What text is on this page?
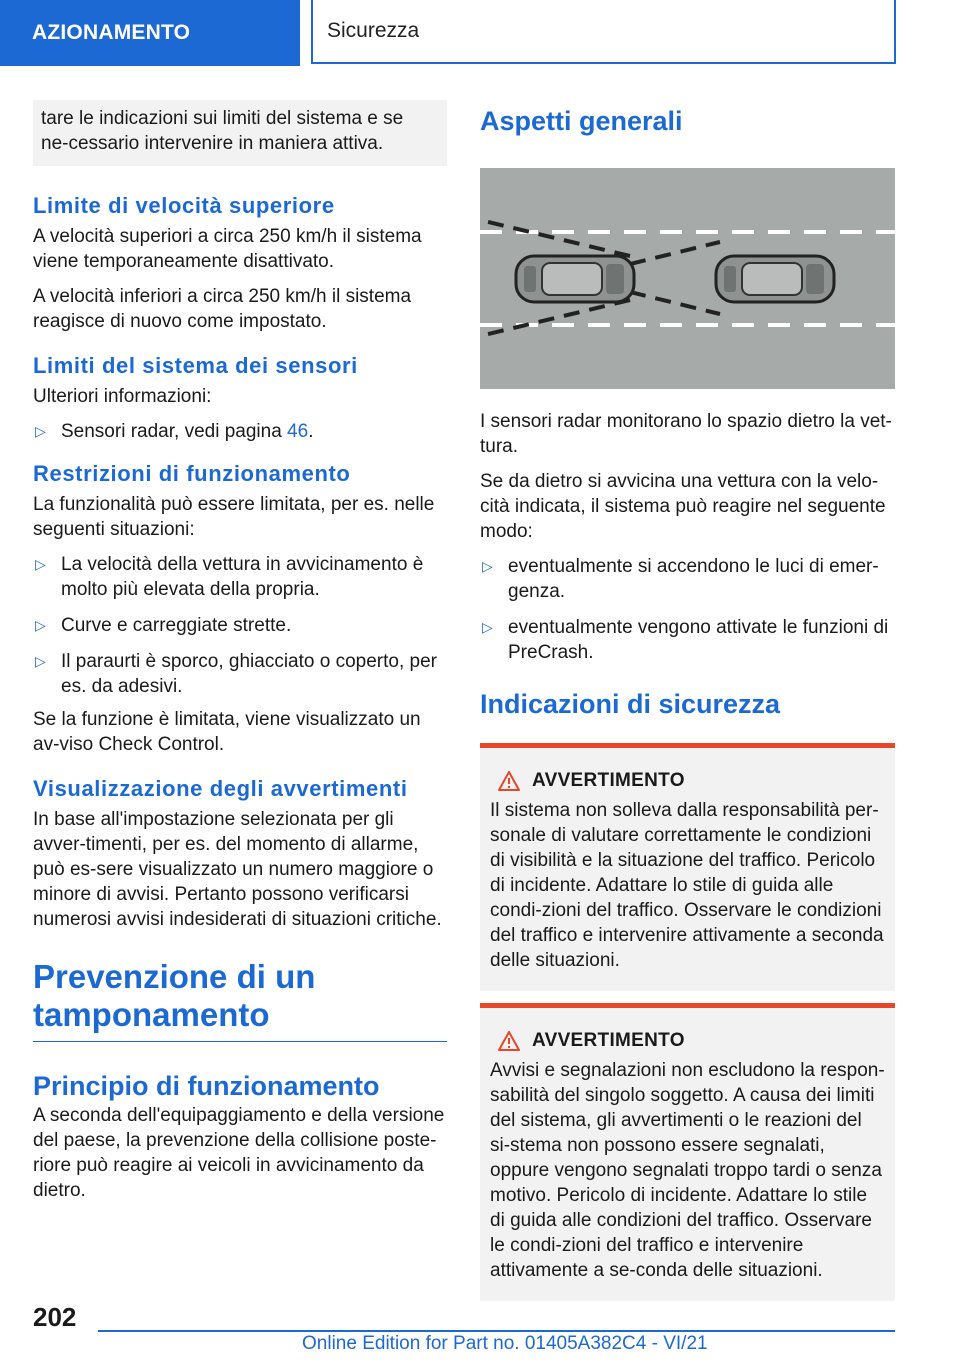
AZIONAMENTO	Sicurezza

tare le indicazioni sui limiti del sistema e se ne-cessario intervenire in maniera attiva.

Limite di velocità superiore

A velocità superiori a circa 250 km/h il sistema viene temporaneamente disattivato.

A velocità inferiori a circa 250 km/h il sistema reagisce di nuovo come impostato.

Limiti del sistema dei sensori

Ulteriori informazioni:

▷ Sensori radar, vedi pagina 46.
Restrizioni di funzionamento

La funzionalità può essere limitata, per es. nelle seguenti situazioni:

▷ La velocità della vettura in avvicinamento è molto più elevata della propria.
▷ Curve e carreggiate strette.
▷ Il paraurti è sporco, ghiacciato o coperto, per es. da adesivi.

Se la funzione è limitata, viene visualizzato un av-viso Check Control.

Visualizzazione degli avvertimenti

In base all'impostazione selezionata per gli avver-timenti, per es. del momento di allarme, può es-sere visualizzato un numero maggiore o minore di avvisi. Pertanto possono verificarsi numerosi avvisi indesiderati di situazioni critiche.

Prevenzione di un tamponamento
Principio di funzionamento

A seconda dell'equipaggiamento e della versione del paese, la prevenzione della collisione poste-riore può reagire ai veicoli in avvicinamento da dietro.

Aspetti generali

I sensori radar monitorano lo spazio dietro la vet-tura.

Se da dietro si avvicina una vettura con la velo-cità indicata, il sistema può reagire nel seguente modo:

▷ eventualmente si accendono le luci di emer-genza.
▷ eventualmente vengono attivate le funzioni di PreCrash.
Indicazioni di sicurezza
AVVERTIMENTO

Il sistema non solleva dalla responsabilità per-sonale di valutare correttamente le condizioni di visibilità e la situazione del traffico. Pericolo di incidente. Adattare lo stile di guida alle condi-zioni del traffico. Osservare le condizioni del traffico e intervenire attivamente a seconda delle situazioni.

AVVERTIMENTO

Avvisi e segnalazioni non escludono la respon-sabilità del singolo soggetto. A causa dei limiti del sistema, gli avvertimenti o le reazioni del si-stema non possono essere segnalati, oppure vengono segnalati troppo tardi o senza motivo. Pericolo di incidente. Adattare lo stile di guida alle condizioni del traffico. Osservare le condi-zioni del traffico e intervenire attivamente a se-conda delle situazioni.

202
Online Edition for Part no. 01405A382C4 - VI/21
